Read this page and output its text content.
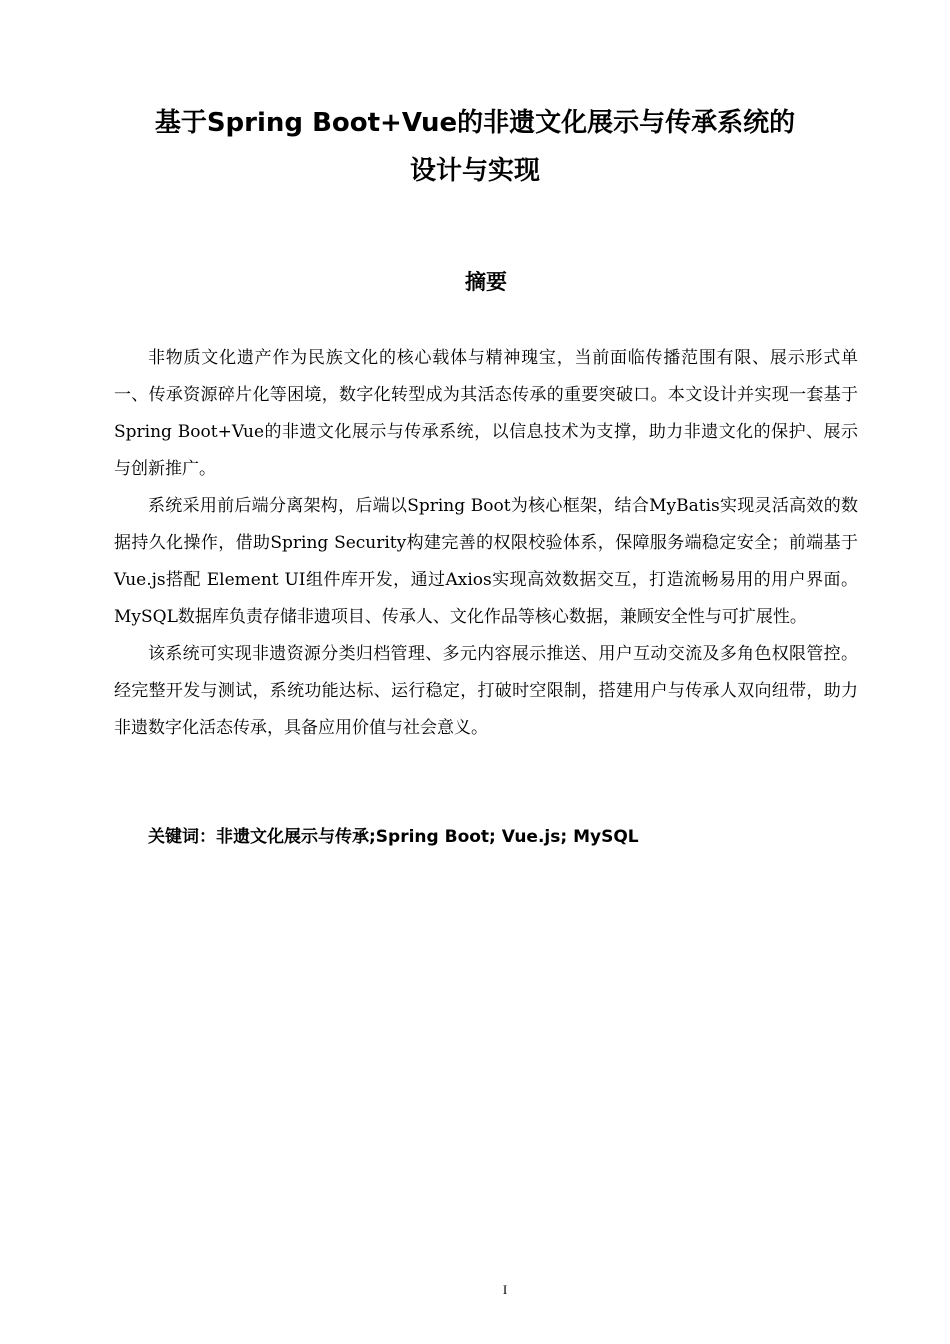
基于Spring Boot+Vue的非遗文化展示与传承系统的
设计与实现
摘要

非物质文化遗产作为民族文化的核心载体与精神瑰宝，当前面临传播范围有限、展示形式单一、传承资源碎片化等困境，数字化转型成为其活态传承的重要突破口。本文设计并实现一套基于Spring Boot+Vue的非遗文化展示与传承系统，以信息技术为支撑，助力非遗文化的保护、展示与创新推广。

系统采用前后端分离架构，后端以Spring Boot为核心框架，结合MyBatis实现灵活高效的数据持久化操作，借助Spring Security构建完善的权限校验体系，保障服务端稳定安全；前端基于Vue.js搭配 Element UI组件库开发，通过Axios实现高效数据交互，打造流畅易用的用户界面。MySQL数据库负责存储非遗项目、传承人、文化作品等核心数据，兼顾安全性与可扩展性。

该系统可实现非遗资源分类归档管理、多元内容展示推送、用户互动交流及多角色权限管控。经完整开发与测试，系统功能达标、运行稳定，打破时空限制，搭建用户与传承人双向纽带，助力非遗数字化活态传承，具备应用价值与社会意义。

关键词：非遗文化展示与传承;Spring Boot; Vue.js; MySQL
I
